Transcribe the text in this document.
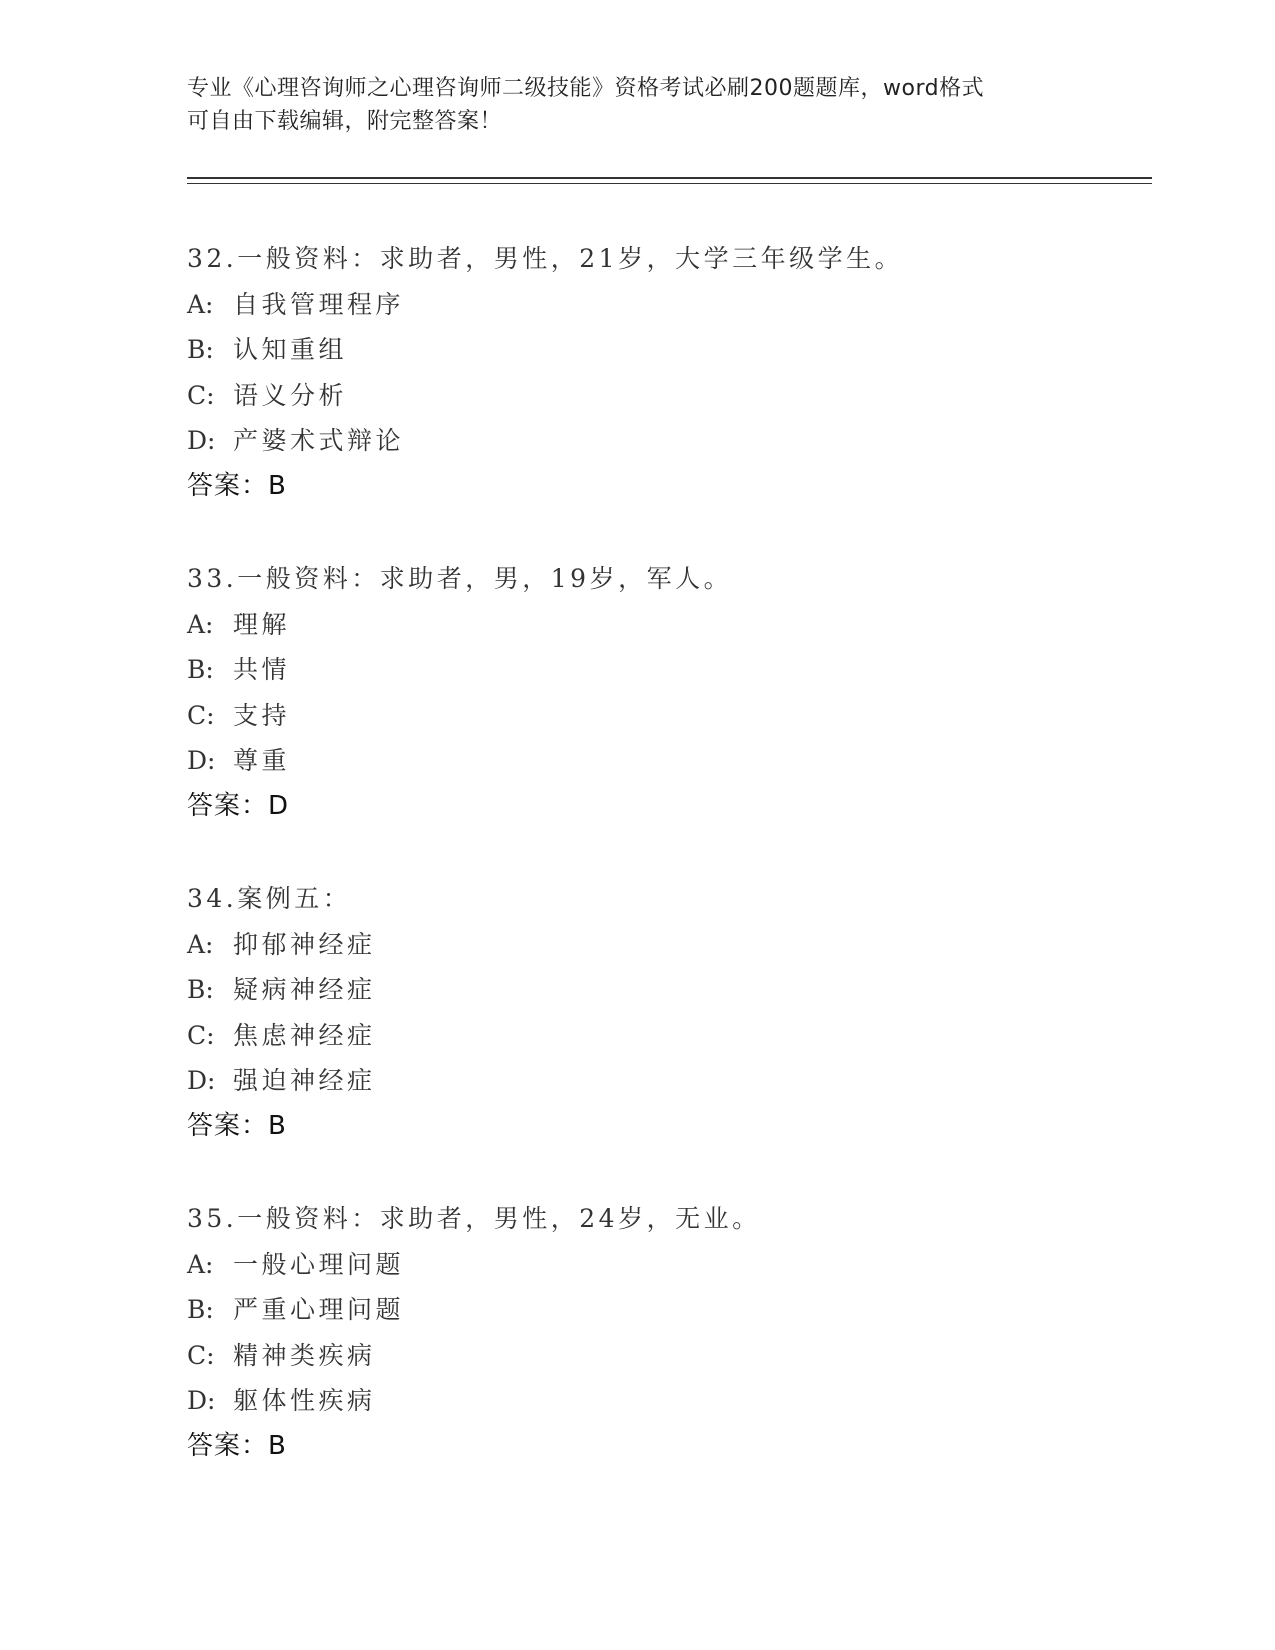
专业《心理咨询师之心理咨询师二级技能》资格考试必刷200题题库，word格式
可自由下载编辑，附完整答案！
32.一般资料：求助者，男性，21岁，大学三年级学生。
A: 自我管理程序
B: 认知重组
C: 语义分析
D: 产婆术式辩论
答案：B
33.一般资料：求助者，男，19岁，军人。
A: 理解
B: 共情
C: 支持
D: 尊重
答案：D
34.案例五：
A: 抑郁神经症
B: 疑病神经症
C: 焦虑神经症
D: 强迫神经症
答案：B
35.一般资料：求助者，男性，24岁，无业。
A: 一般心理问题
B: 严重心理问题
C: 精神类疾病
D: 躯体性疾病
答案：B
